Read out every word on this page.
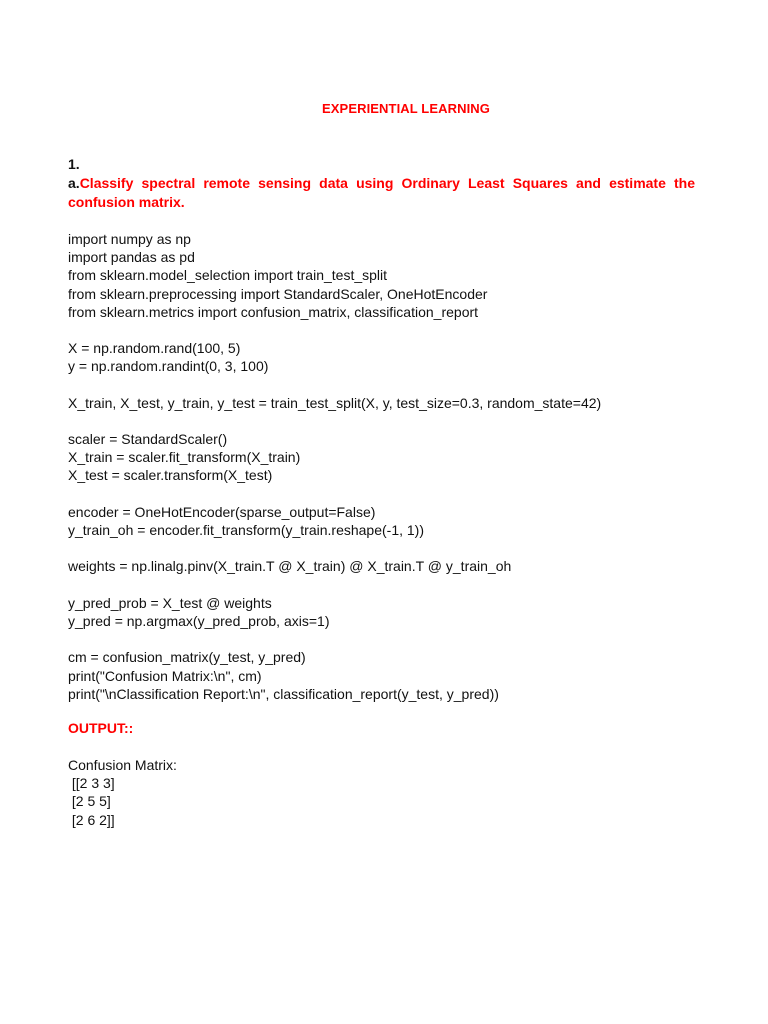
EXPERIENTIAL LEARNING
1.
a.Classify spectral remote sensing data using Ordinary Least Squares and estimate the confusion matrix.
import numpy as np
import pandas as pd
from sklearn.model_selection import train_test_split
from sklearn.preprocessing import StandardScaler, OneHotEncoder
from sklearn.metrics import confusion_matrix, classification_report
X = np.random.rand(100, 5)
y = np.random.randint(0, 3, 100)
X_train, X_test, y_train, y_test = train_test_split(X, y, test_size=0.3, random_state=42)
scaler = StandardScaler()
X_train = scaler.fit_transform(X_train)
X_test = scaler.transform(X_test)
encoder = OneHotEncoder(sparse_output=False)
y_train_oh = encoder.fit_transform(y_train.reshape(-1, 1))
weights = np.linalg.pinv(X_train.T @ X_train) @ X_train.T @ y_train_oh
y_pred_prob = X_test @ weights
y_pred = np.argmax(y_pred_prob, axis=1)
cm = confusion_matrix(y_test, y_pred)
print("Confusion Matrix:\n", cm)
print("\nClassification Report:\n", classification_report(y_test, y_pred))
OUTPUT::
Confusion Matrix:
[[2 3 3]
[2 5 5]
[2 6 2]]
